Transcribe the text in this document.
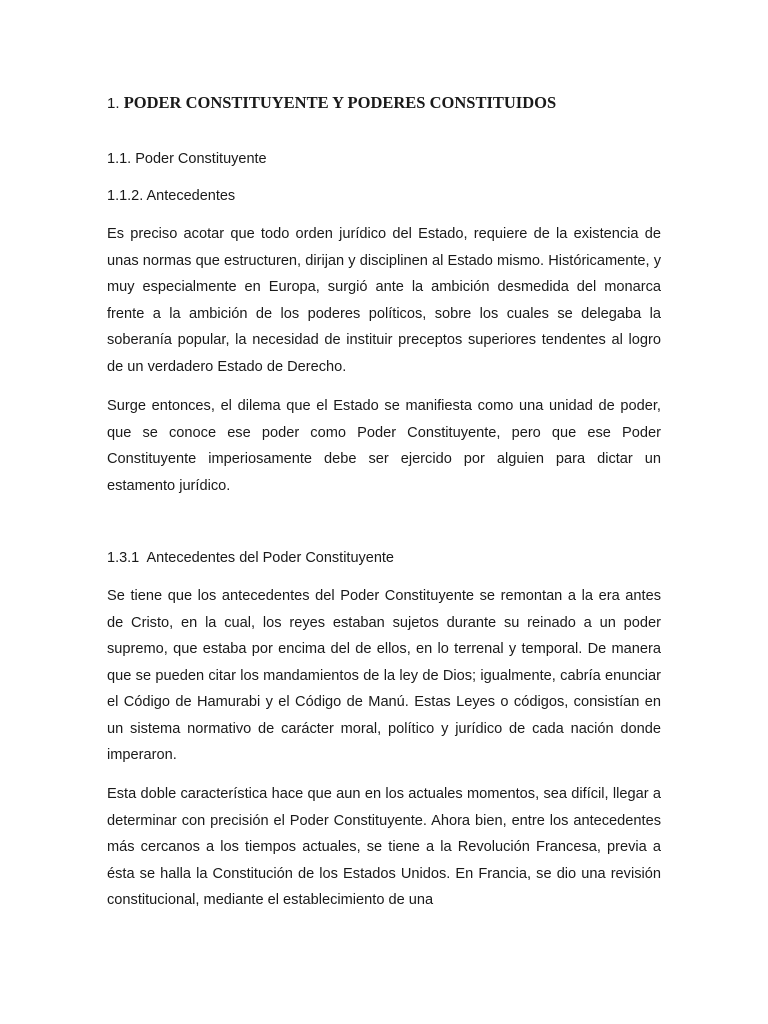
1. PODER CONSTITUYENTE Y PODERES CONSTITUIDOS
1.1. Poder Constituyente
1.1.2. Antecedentes
Es preciso acotar que todo orden jurídico del Estado, requiere de la existencia de unas normas que estructuren, dirijan y disciplinen al Estado mismo. Históricamente, y muy especialmente en Europa, surgió ante la ambición desmedida del monarca frente a la ambición de los poderes políticos, sobre los cuales se delegaba la soberanía popular, la necesidad de instituir preceptos superiores tendentes al logro de un verdadero Estado de Derecho.
Surge entonces, el dilema que el Estado se manifiesta como una unidad de poder, que se conoce ese poder como Poder Constituyente, pero que ese Poder Constituyente imperiosamente debe ser ejercido por alguien para dictar un estamento jurídico.
1.3.1  Antecedentes del Poder Constituyente
Se tiene que los antecedentes del Poder Constituyente se remontan a la era antes de Cristo, en la cual, los reyes estaban sujetos durante su reinado a un poder supremo, que estaba por encima del de ellos, en lo terrenal y temporal. De manera que se pueden citar los mandamientos de la ley de Dios; igualmente, cabría enunciar el Código de Hamurabi y el Código de Manú. Estas Leyes o códigos, consistían en un sistema normativo de carácter moral, político y jurídico de cada nación donde imperaron.
Esta doble característica hace que aun en los actuales momentos, sea difícil, llegar a determinar con precisión el Poder Constituyente. Ahora bien, entre los antecedentes más cercanos a los tiempos actuales, se tiene a la Revolución Francesa, previa a ésta se halla la Constitución de los Estados Unidos. En Francia, se dio una revisión constitucional, mediante el establecimiento de una
